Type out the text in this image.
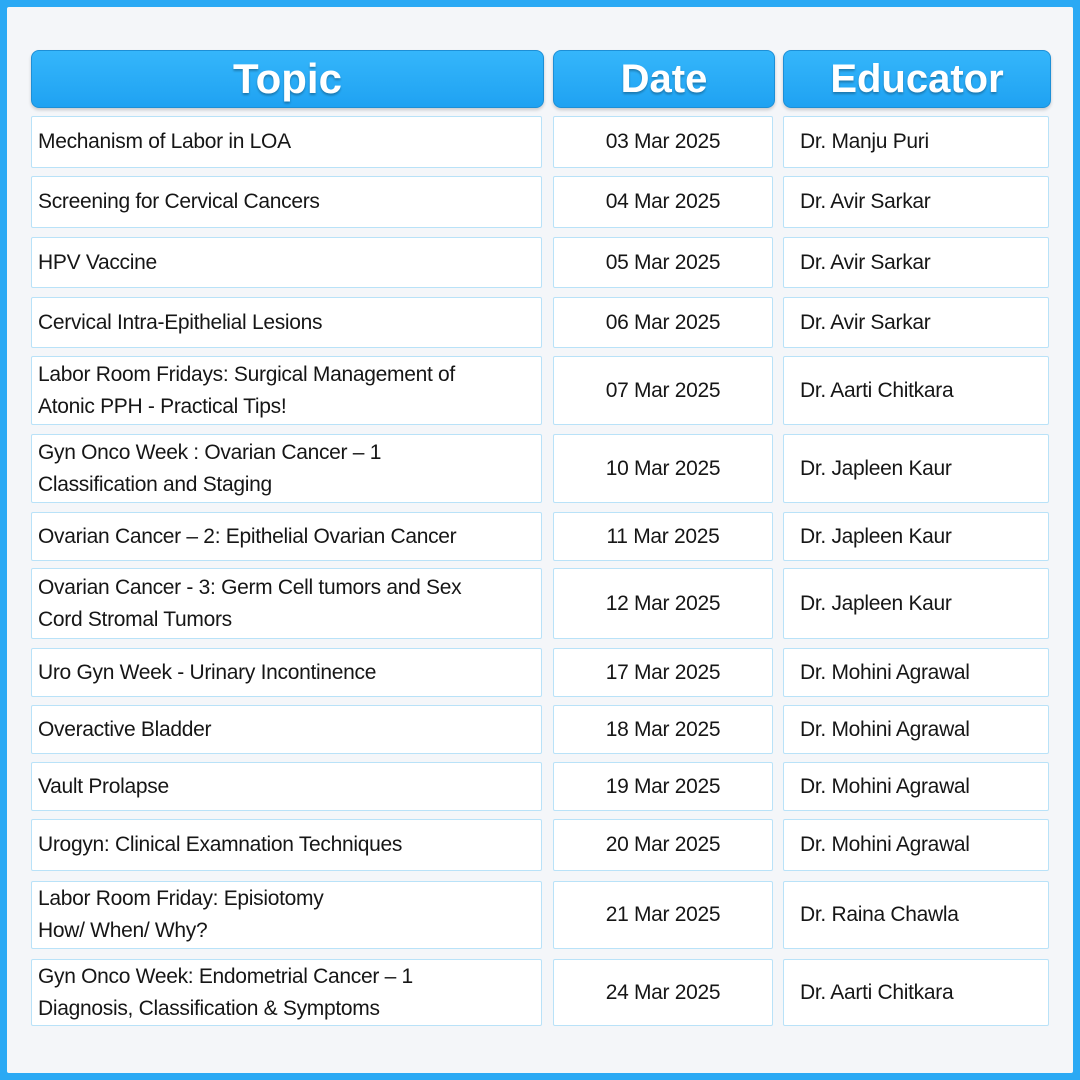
Topic	Date	Educator
Mechanism of Labor in LOA	03 Mar 2025	Dr. Manju Puri
Screening for Cervical Cancers	04 Mar 2025	Dr. Avir Sarkar
HPV Vaccine	05 Mar 2025	Dr. Avir Sarkar
Cervical Intra-Epithelial Lesions	06 Mar 2025	Dr. Avir Sarkar
Labor Room Fridays: Surgical Management of
Atonic PPH - Practical Tips!
07 Mar 2025	Dr. Aarti Chitkara
Gyn Onco Week : Ovarian Cancer – 1
Classification and Staging
10 Mar 2025	Dr. Japleen Kaur
Ovarian Cancer – 2: Epithelial Ovarian Cancer	11 Mar 2025	Dr. Japleen Kaur
Ovarian Cancer - 3: Germ Cell tumors and Sex
Cord Stromal Tumors
12 Mar 2025	Dr. Japleen Kaur
Uro Gyn Week - Urinary Incontinence	17 Mar 2025	Dr. Mohini Agrawal
Overactive Bladder	18 Mar 2025	Dr. Mohini Agrawal
Vault Prolapse	19 Mar 2025	Dr. Mohini Agrawal
Urogyn: Clinical Examnation Techniques	20 Mar 2025	Dr. Mohini Agrawal
Labor Room Friday: Episiotomy
How/ When/ Why?
21 Mar 2025	Dr. Raina Chawla
Gyn Onco Week: Endometrial Cancer – 1
Diagnosis, Classification & Symptoms
24 Mar 2025	Dr. Aarti Chitkara
